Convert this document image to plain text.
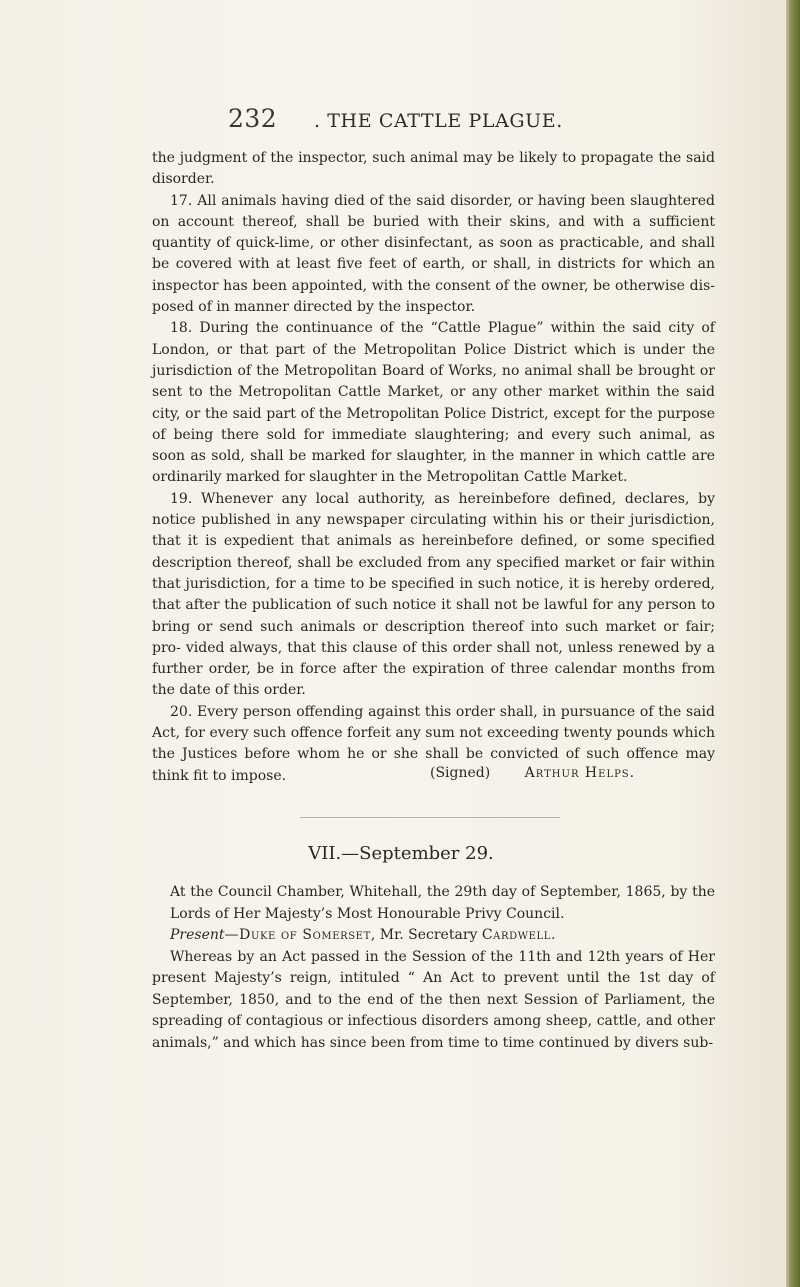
232 . THE CATTLE PLAGUE.

the judgment of the inspector, such animal may be likely to propagate the said disorder.

17. All animals having died of the said disorder, or having been slaughtered on account thereof, shall be buried with their skins, and with a sufficient quantity of quick-lime, or other disinfectant, as soon as practicable, and shall be covered with at least five feet of earth, or shall, in districts for which an inspector has been appointed, with the consent of the owner, be otherwise dis- posed of in manner directed by the inspector.

18. During the continuance of the “Cattle Plague” within the said city of London, or that part of the Metropolitan Police District which is under the jurisdiction of the Metropolitan Board of Works, no animal shall be brought or sent to the Metropolitan Cattle Market, or any other market within the said city, or the said part of the Metropolitan Police District, except for the purpose of being there sold for immediate slaughtering; and every such animal, as soon as sold, shall be marked for slaughter, in the manner in which cattle are ordinarily marked for slaughter in the Metropolitan Cattle Market.

19. Whenever any local authority, as hereinbefore defined, declares, by notice published in any newspaper circulating within his or their jurisdiction, that it is expedient that animals as hereinbefore defined, or some specified description thereof, shall be excluded from any specified market or fair within that jurisdiction, for a time to be specified in such notice, it is hereby ordered, that after the publication of such notice it shall not be lawful for any person to bring or send such animals or description thereof into such market or fair; pro- vided always, that this clause of this order shall not, unless renewed by a further order, be in force after the expiration of three calendar months from the date of this order.

20. Every person offending against this order shall, in pursuance of the said Act, for every such offence forfeit any sum not exceeding twenty pounds which the Justices before whom he or she shall be convicted of such offence may think fit to impose.	(Signed) Arthur Helps.
VII.—September 29.

At the Council Chamber, Whitehall, the 29th day of September, 1865, by the Lords of Her Majesty’s Most Honourable Privy Council.

Present—Duke of Somerset, Mr. Secretary Cardwell.

Whereas by an Act passed in the Session of the 11th and 12th years of Her present Majesty’s reign, intituled “ An Act to prevent until the 1st day of September, 1850, and to the end of the then next Session of Parliament, the spreading of contagious or infectious disorders among sheep, cattle, and other animals,” and which has since been from time to time continued by divers sub-
